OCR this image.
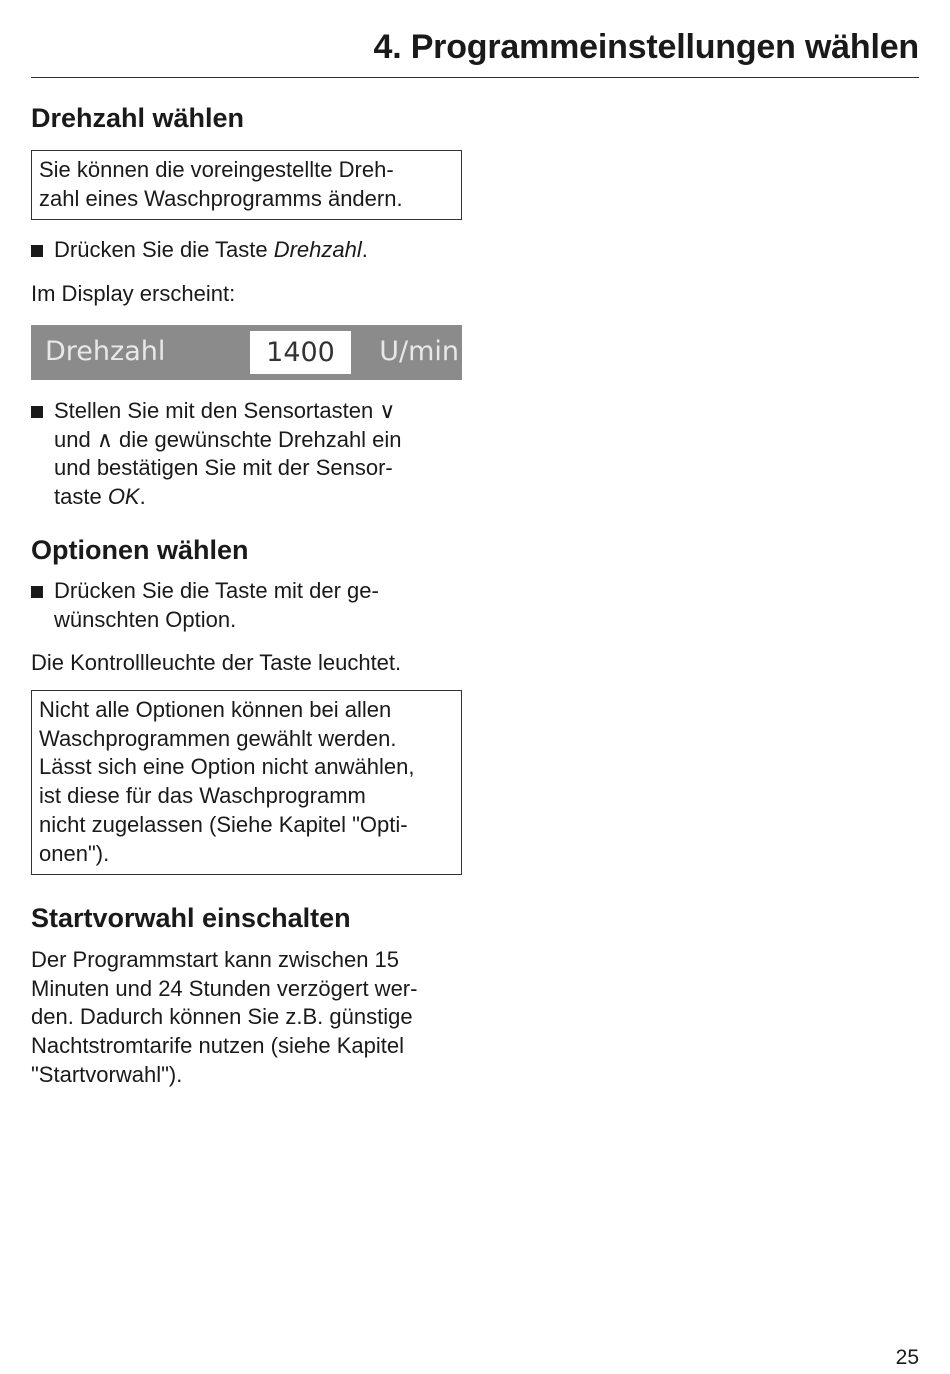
4. Programmeinstellungen wählen
Drehzahl wählen
Sie können die voreingestellte Dreh-
zahl eines Waschprogramms ändern.
Drücken Sie die Taste Drehzahl.

Im Display erscheint:

Drehzahl	1400	U/min
Stellen Sie mit den Sensortasten ∨
und ∧ die gewünschte Drehzahl ein
und bestätigen Sie mit der Sensor-
taste OK.
Optionen wählen
Drücken Sie die Taste mit der ge-
wünschten Option.

Die Kontrollleuchte der Taste leuchtet.

Nicht alle Optionen können bei allen
Waschprogrammen gewählt werden.
Lässt sich eine Option nicht anwählen,
ist diese für das Waschprogramm
nicht zugelassen (Siehe Kapitel "Opti-
onen").
Startvorwahl einschalten

Der Programmstart kann zwischen 15

Minuten und 24 Stunden verzögert wer-

den. Dadurch können Sie z.B. günstige

Nachtstromtarife nutzen (siehe Kapitel

"Startvorwahl").

25
